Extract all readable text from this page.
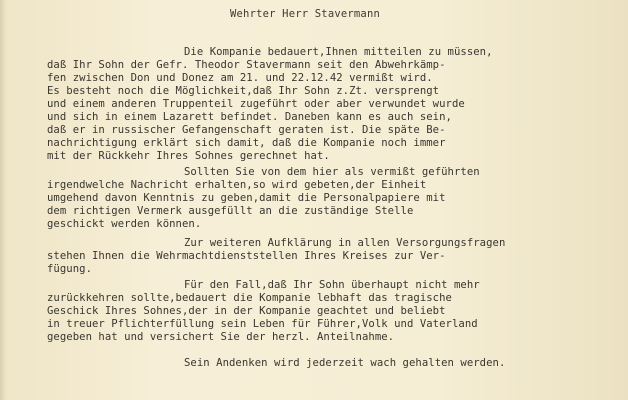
Wehrter Herr Stavermann
Die Kompanie bedauert,Ihnen mitteilen zu müssen,
daß Ihr Sohn der Gefr. Theodor Stavermann seit den Abwehrkämp-
fen zwischen Don und Donez am 21. und 22.12.42 vermißt wird.
Es besteht noch die Möglichkeit,daß Ihr Sohn z.Zt. versprengt
und einem anderen Truppenteil zugeführt oder aber verwundet wurde
und sich in einem Lazarett befindet. Daneben kann es auch sein,
daß er in russischer Gefangenschaft geraten ist. Die späte Be-
nachrichtigung erklärt sich damit, daß die Kompanie noch immer
mit der Rückkehr Ihres Sohnes gerechnet hat.
Sollten Sie von dem hier als vermißt geführten
irgendwelche Nachricht erhalten,so wird gebeten,der Einheit
umgehend davon Kenntnis zu geben,damit die Personalpapiere mit
dem richtigen Vermerk ausgefüllt an die zuständige Stelle
geschickt werden können.
Zur weiteren Aufklärung in allen Versorgungsfragen
stehen Ihnen die Wehrmachtdienststellen Ihres Kreises zur Ver-
fügung.
Für den Fall,daß Ihr Sohn überhaupt nicht mehr
zurückkehren sollte,bedauert die Kompanie lebhaft das tragische
Geschick Ihres Sohnes,der in der Kompanie geachtet und beliebt
in treuer Pflichterfüllung sein Leben für Führer,Volk und Vaterland
gegeben hat und versichert Sie der herzl. Anteilnahme.
Sein Andenken wird jederzeit wach gehalten werden.
